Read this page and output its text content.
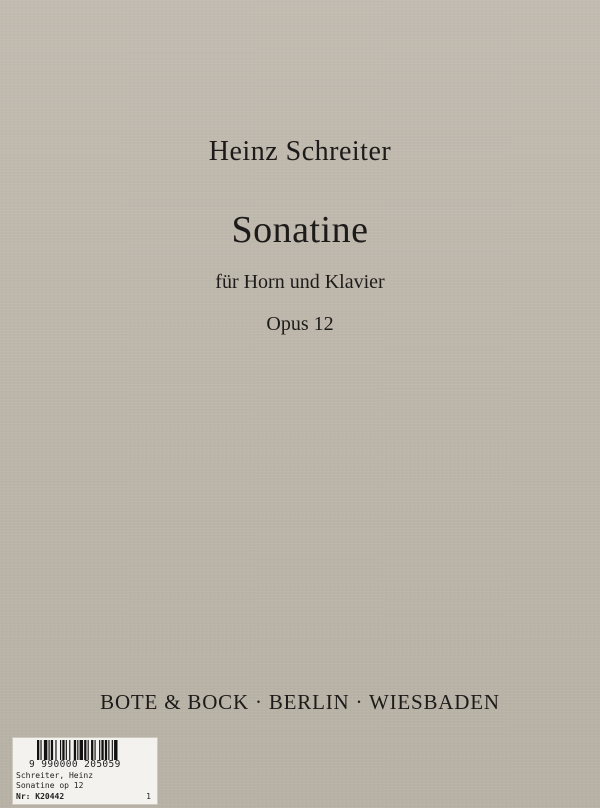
Heinz Schreiter
Sonatine
für Horn und Klavier
Opus 12
BOTE & BOCK · BERLIN · WIESBADEN
9 990000 205059
Schreiter, Heinz
Sonatine op 12
Nr: K20442	1
